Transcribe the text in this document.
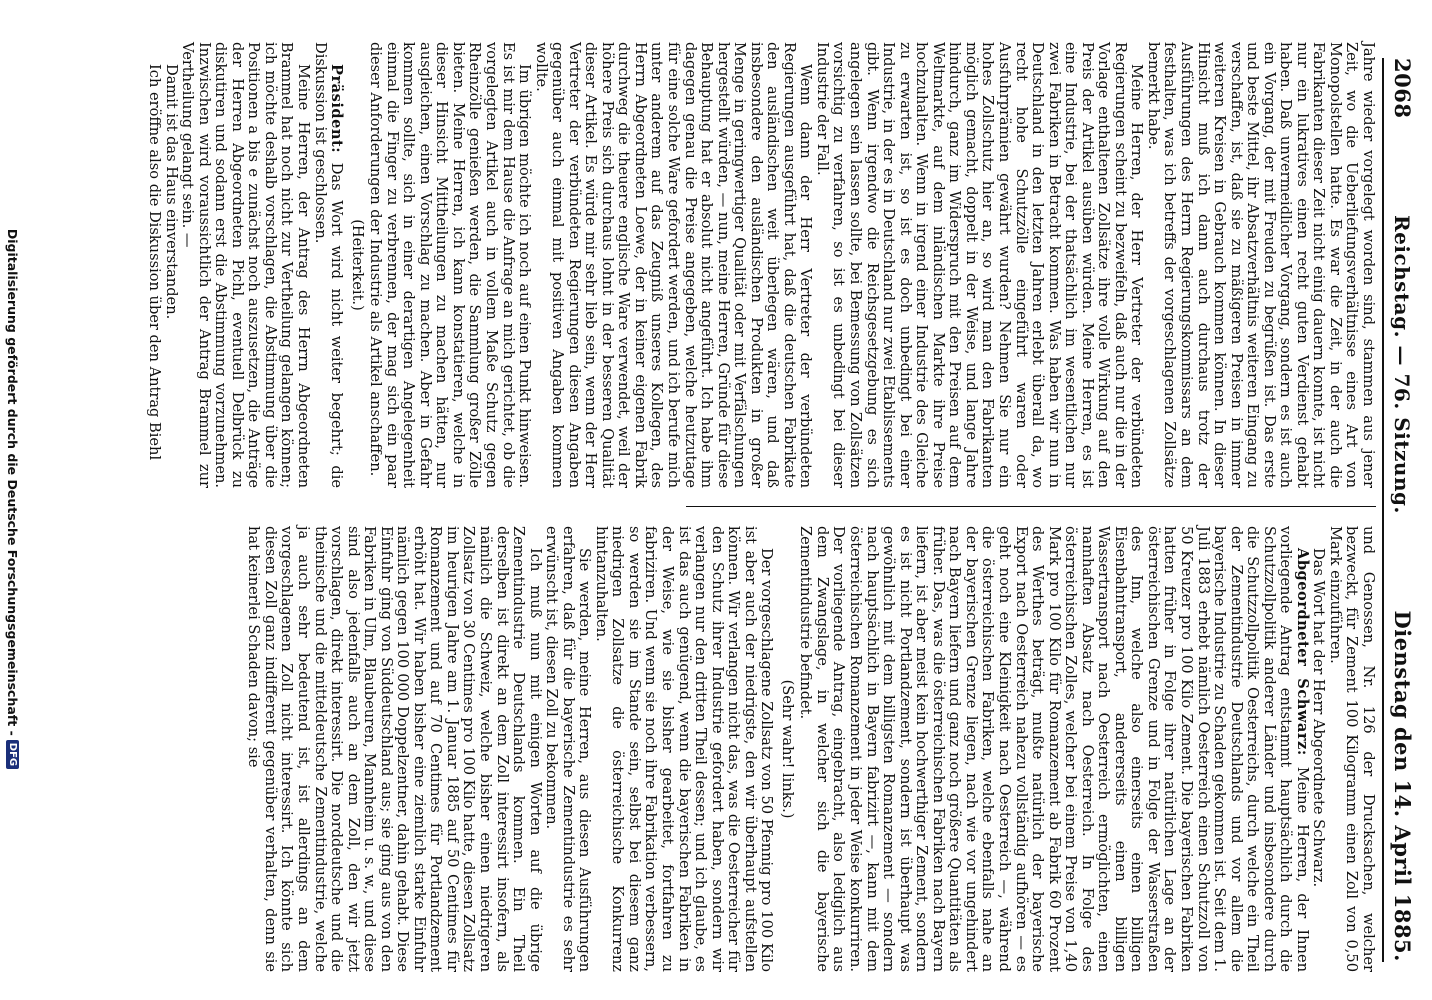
2068
Reichstag. — 76. Sitzung.
Dienstag den 14. April 1885.

Jahre wieder vorgelegt worden sind, stammen aus jener Zeit, wo die Ueberliefungsverhältnisse eines Art von Monopolstellen hatte. Es war die Zeit, in der auch die Fabrikanten dieser Zeit nicht einig dauern konnte, ist nicht nur ein lukratives einen recht guten Verdienst gehabt haben. Daß unvermeidlicher Vorgang, sondern es ist auch ein Vorgang, der mit Freuden zu begrüßen ist. Das erste und beste Mittel, ihr Absatzverhältnis weiteren Eingang zu verschaffen, ist, daß sie zu mäßigeren Preisen in immer weiteren Kreisen in Gebrauch kommen können. In dieser Hinsicht muß ich dann auch durchaus trotz der Ausführungen des Herrn Regierungskommissars an dem festhalten, was ich betreffs der vorgeschlagenen Zollsätze bemerkt habe.

Meine Herren, der Herr Vertreter der verbündeten Regierungen scheint zu bezweifeln, daß auch nur die in der Vorlage enthaltenen Zollsätze ihre volle Wirkung auf den Preis der Artikel ausüben würden. Meine Herren, es ist eine Industrie, bei der thatsächlich im wesentlichen nur zwei Fabriken in Betracht kommen. Was haben wir nun in Deutschland in den letzten Jahren erlebt überall da, wo recht hohe Schutzzölle eingeführt waren oder Ausfuhrprämien gewährt wurden? Nehmen Sie nur ein hohes Zollschutz hier an, so wird man den Fabrikanten möglich gemacht, doppelt in der Weise, und lange Jahre hindurch, ganz im Widerspruch mit den Preisen auf dem Weltmarkte, auf dem inländischen Markte ihre Preise hochzuhalten. Wenn in irgend einer Industrie des Gleiche zu erwarten ist, so ist es doch unbedingt bei einer Industrie, in der es in Deutschland nur zwei Etablissements gibt. Wenn irgendwo die Reichsgesetzgebung es sich angelegen sein lassen sollte, bei Bemessung von Zollsätzen vorsichtig zu verfahren, so ist es unbedingt bei dieser Industrie der Fall.

Wenn dann der Herr Vertreter der verbündeten Regierungen ausgeführt hat, daß die deutschen Fabrikate den ausländischen weit überlegen wären, und daß insbesondere den ausländischen Produkten in großer Menge in geringwertiger Qualität oder mit Verfälschungen hergestellt würden, — nun, meine Herren, Gründe für diese Behauptung hat er absolut nicht angeführt. Ich habe ihm dagegen genau die Preise angegeben, welche heutzutage für eine solche Ware gefordert werden, und ich berufe mich unter anderem auf das Zeugniß unseres Kollegen, des Herrn Abgeordneten Loewe, der in keiner eigenen Fabrik durchweg die theuere englische Ware verwendet, weil der höhere Preis sich durchaus lohnt in der besseren Qualität dieser Artikel. Es würde mir sehr lieb sein, wenn der Herr Vertreter der verbündeten Regierungen diesen Angaben gegenüber auch einmal mit positiven Angaben kommen wollte.

Im übrigen möchte ich noch auf einen Punkt hinweisen. Es ist mir dem Hause die Anfrage an mich gerichtet, ob die vorgelegten Artikel auch in vollem Maße Schutz gegen Rheinzölle genießen werden, die Sammlung großer Zölle bieten. Meine Herren, ich kann konstatieren, welche in dieser Hinsicht Mittheilungen zu machen hätten, nur ausgleichen, einen Vorschlag zu machen. Aber in Gefahr kommen sollte, sich in einer derartigen Angelegenheit einmal die Finger zu verbrennen, der mag sich ein paar dieser Anforderungen der Industrie als Artikel anschaffen.

(Heiterkeit.)

Präsident: Das Wort wird nicht weiter begehrt; die Diskussion ist geschlossen.

Meine Herren, der Antrag des Herrn Abgeordneten Brammel hat noch nicht zur Vertheilung gelangen können; ich möchte deshalb vorschlagen, die Abstimmung über die Positionen a bis e zunächst noch auszusetzen, die Anträge der Herren Abgeordneten Pichl, eventuell Delbrück zu diskutiren und sodann erst die Abstimmung vorzunehmen. Inzwischen wird voraussichtlich der Antrag Brammel zur Vertheilung gelangt sein. —

Damit ist das Haus einverstanden.

Ich eröffne also die Diskussion über den Antrag Biehl

und Genossen, Nr. 126 der Drucksachen, welcher bezweckt, für Zement 100 Kilogramm einen Zoll von 0,50 Mark einzuführen.

Das Wort hat der Herr Abgeordnete Schwarz.

Abgeordneter Schwarz: Meine Herren, der Ihnen vorliegende Antrag entstammt hauptsächlich durch die Schutzzollpolitik anderer Länder und insbesondere durch die Schutzzollpolitik Oesterreichs, durch welche ein Theil der Zementindustrie Deutschlands und vor allem die bayerische Industrie zu Schaden gekommen ist. Seit dem 1. Juli 1883 erhebt nämlich Oesterreich einen Schutzzoll von 50 Kreuzer pro 100 Kilo Zement. Die bayerischen Fabriken hatten früher in Folge ihrer natürlichen Lage an der österreichischen Grenze und in Folge der Wasserstraßen des Inn, welche also einerseits einen billigen Eisenbahntransport, andererseits einen billigen Wassertransport nach Oesterreich ermöglichten, einen namhaften Absatz nach Oesterreich. In Folge des österreichischen Zolles, welcher bei einem Preise von 1,40 Mark pro 100 Kilo für Romanzement ab Fabrik 60 Prozent des Werthes beträgt, mußte natürlich der bayerische Export nach Oesterreich nahezu vollständig aufhören — es geht noch eine Kleinigkeit nach Oesterreich —, während die österreichischen Fabriken, welche ebenfalls nahe an der bayerischen Grenze liegen, nach wie vor ungehindert nach Bayern liefern und ganz noch größere Quantitäten als früher. Das, was die österreichischen Fabriken nach Bayern liefern, ist aber meist kein hochwerthiger Zement, sondern es ist nicht Portlandzement, sondern ist überhaupt was gewöhnlich mit dem billigsten Romanzement — sondern nach hauptsächlich in Bayern fabrizirt —, kann mit dem österreichischen Romanzement in jeder Weise konkurriren. Der vorliegende Antrag, eingebracht, also lediglich aus dem Zwangslage, in welcher sich die bayerische Zementindustrie befindet.

(Sehr wahr! links.)

Der vorgeschlagene Zollsatz von 50 Pfennig pro 100 Kilo ist aber auch der niedrigste, den wir überhaupt aufstellen können. Wir verlangen nicht das, was die Oesterreicher für den Schutz ihrer Industrie gefordert haben, sondern wir verlangen nur den dritten Theil dessen; und ich glaube, es ist das auch genügend, wenn die bayerischen Fabriken in der Weise, wie sie bisher gearbeitet, fortfahren zu fabriziren. Und wenn sie noch ihre Fabrikation verbessern, so werden sie im Stande sein, selbst bei diesem ganz niedrigen Zollsatze die österreichische Konkurrenz hintanzuhalten.

Sie werden, meine Herren, aus diesen Ausführungen erfahren, daß für die bayerische Zementindustrie es sehr erwünscht ist, diesen Zoll zu bekommen.

Ich muß nun mit einigen Worten auf die übrige Zementindustrie Deutschlands kommen. Ein Theil derselben ist direkt an dem Zoll interessirt insofern, als nämlich die Schweiz, welche bisher einen niedrigeren Zollsatz von 30 Centimes pro 100 Kilo hatte, diesen Zollsatz im heurigen Jahre am 1. Januar 1885 auf 50 Centimes für Romanzement und auf 70 Centimes für Portlandzement erhöht hat. Wir haben bisher eine ziemlich starke Einfuhr nämlich gegen 100 000 Doppelzentner, dahin gehabt. Diese Einfuhr ging von Süddeutschland aus; sie ging aus von den Fabriken in Ulm, Blaubeuren, Mannheim u. s. w., und diese sind also jedenfalls auch an dem Zoll, den wir jetzt vorschlagen, direkt interessirt. Die norddeutsche und die theinische und die mitteldeutsche Zementindustrie, welche ja auch sehr bedeutend ist, ist allerdings an dem vorgeschlagenen Zoll nicht interessirt. Ich könnte sich diesen Zoll ganz indifferent gegenüber verhalten, denn sie hat keinerlei Schaden davon; sie

Digitalisierung gefördert durch die Deutsche Forschungsgemeinschaft -
DFG
